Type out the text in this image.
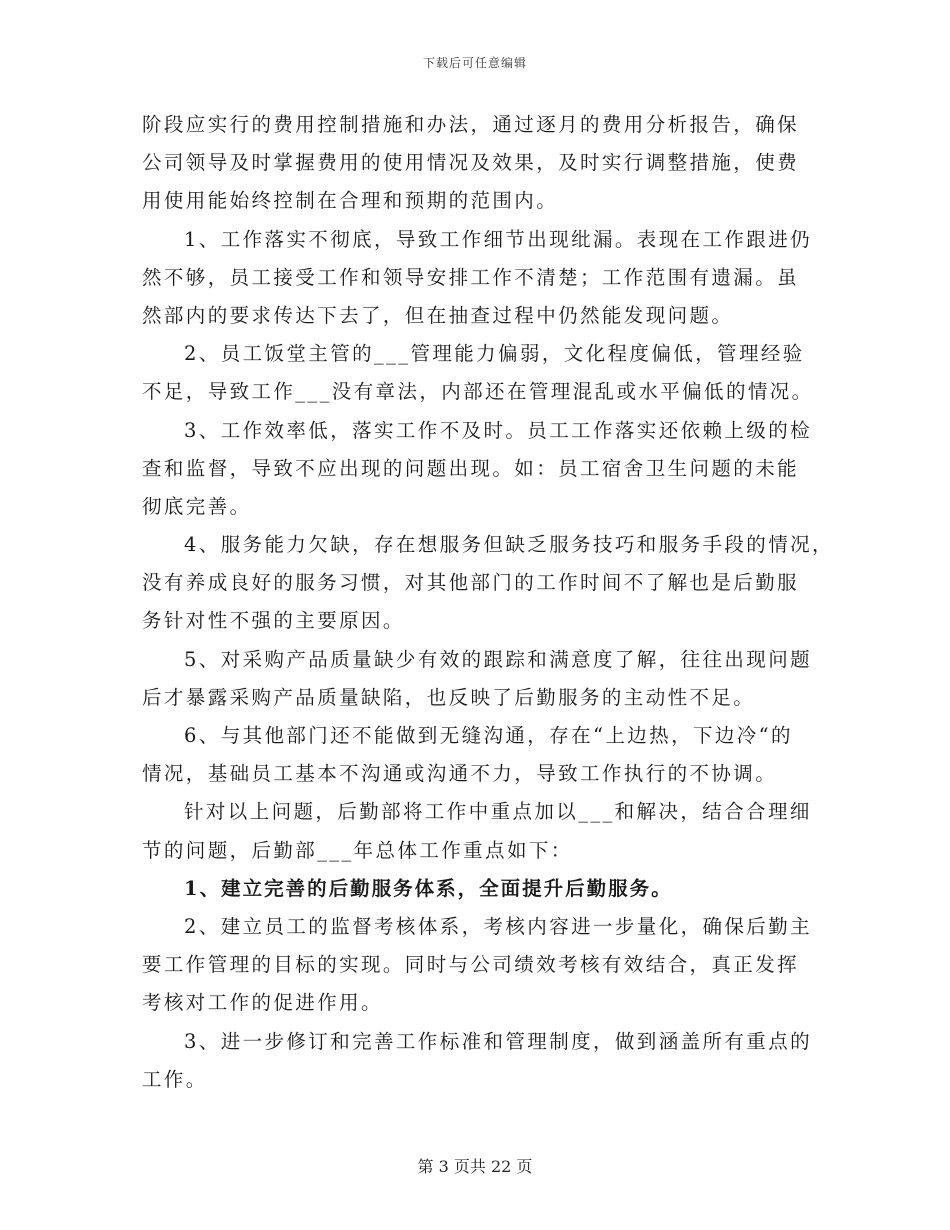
下载后可任意编辑
阶段应实行的费用控制措施和办法，通过逐月的费用分析报告，确保
公司领导及时掌握费用的使用情况及效果，及时实行调整措施，使费
用使用能始终控制在合理和预期的范围内。
1、工作落实不彻底，导致工作细节出现纰漏。表现在工作跟进仍
然不够，员工接受工作和领导安排工作不清楚；工作范围有遗漏。虽
然部内的要求传达下去了，但在抽查过程中仍然能发现问题。
2、员工饭堂主管的___管理能力偏弱，文化程度偏低，管理经验
不足，导致工作___没有章法，内部还在管理混乱或水平偏低的情况。
3、工作效率低，落实工作不及时。员工工作落实还依赖上级的检
查和监督，导致不应出现的问题出现。如：员工宿舍卫生问题的未能
彻底完善。
4、服务能力欠缺，存在想服务但缺乏服务技巧和服务手段的情况，
没有养成良好的服务习惯，对其他部门的工作时间不了解也是后勤服
务针对性不强的主要原因。
5、对采购产品质量缺少有效的跟踪和满意度了解，往往出现问题
后才暴露采购产品质量缺陷，也反映了后勤服务的主动性不足。
6、与其他部门还不能做到无缝沟通，存在“上边热，下边冷“的
情况，基础员工基本不沟通或沟通不力，导致工作执行的不协调。
针对以上问题，后勤部将工作中重点加以___和解决，结合合理细
节的问题，后勤部___年总体工作重点如下：
1、建立完善的后勤服务体系，全面提升后勤服务。
2、建立员工的监督考核体系，考核内容进一步量化，确保后勤主
要工作管理的目标的实现。同时与公司绩效考核有效结合，真正发挥
考核对工作的促进作用。
3、进一步修订和完善工作标准和管理制度，做到涵盖所有重点的
工作。
第 3 页共 22 页
